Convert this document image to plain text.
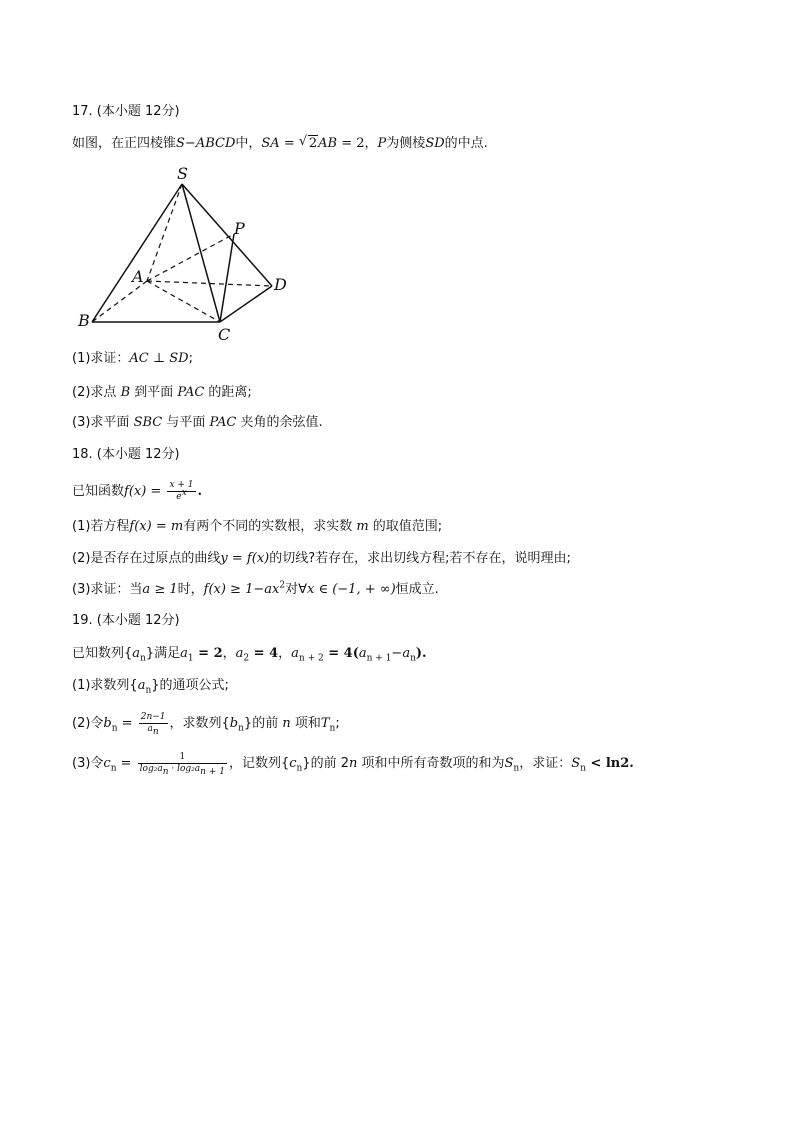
17. (本小题 12分)
如图，在正四棱锥S−ABCD中，SA = √ 2AB = 2，P为侧棱SD的中点.
S
P
A	D
B
C
(1)求证：AC ⊥ SD;
(2)求点 B 到平面 PAC 的距离;
(3)求平面 SBC 与平面 PAC 夹角的余弦值.
18. (本小题 12分)
已知函数$f(x) = \frac{x + 1}{e^x}$ .
(1)若方程f(x) = m有两个不同的实数根，求实数 m 的取值范围;
(2)是否存在过原点的曲线y = f(x)的切线?若存在，求出切线方程;若不存在，说明理由;
(3)求证：当a ≥ 1时，$f(x) \ge 1-ax^2$对∀x ∈ (−1, + ∞)恒成立.
19. (本小题 12分)
已知数列$\{a_n\}$满足$a_1 = 2$，$a_2 = 4$，$a_{n + 2} = 4(a_{n + 1}-a_n)$.
(1)求数列$\{a_n\}$的通项公式;
(2)令$b_n = \frac{2n-1}{a_n}$ ，求数列$\{b_n\}$的前 n 项和$T_n$;
(3)令$c_n = \frac{1}{\log_2a_n \cdot \log_2a_{n + 1}}$ ，记数列$\{c_n\}$的前 2n 项和中所有奇数项的和为$S_n$，求证：$S_n < \ln 2$.
